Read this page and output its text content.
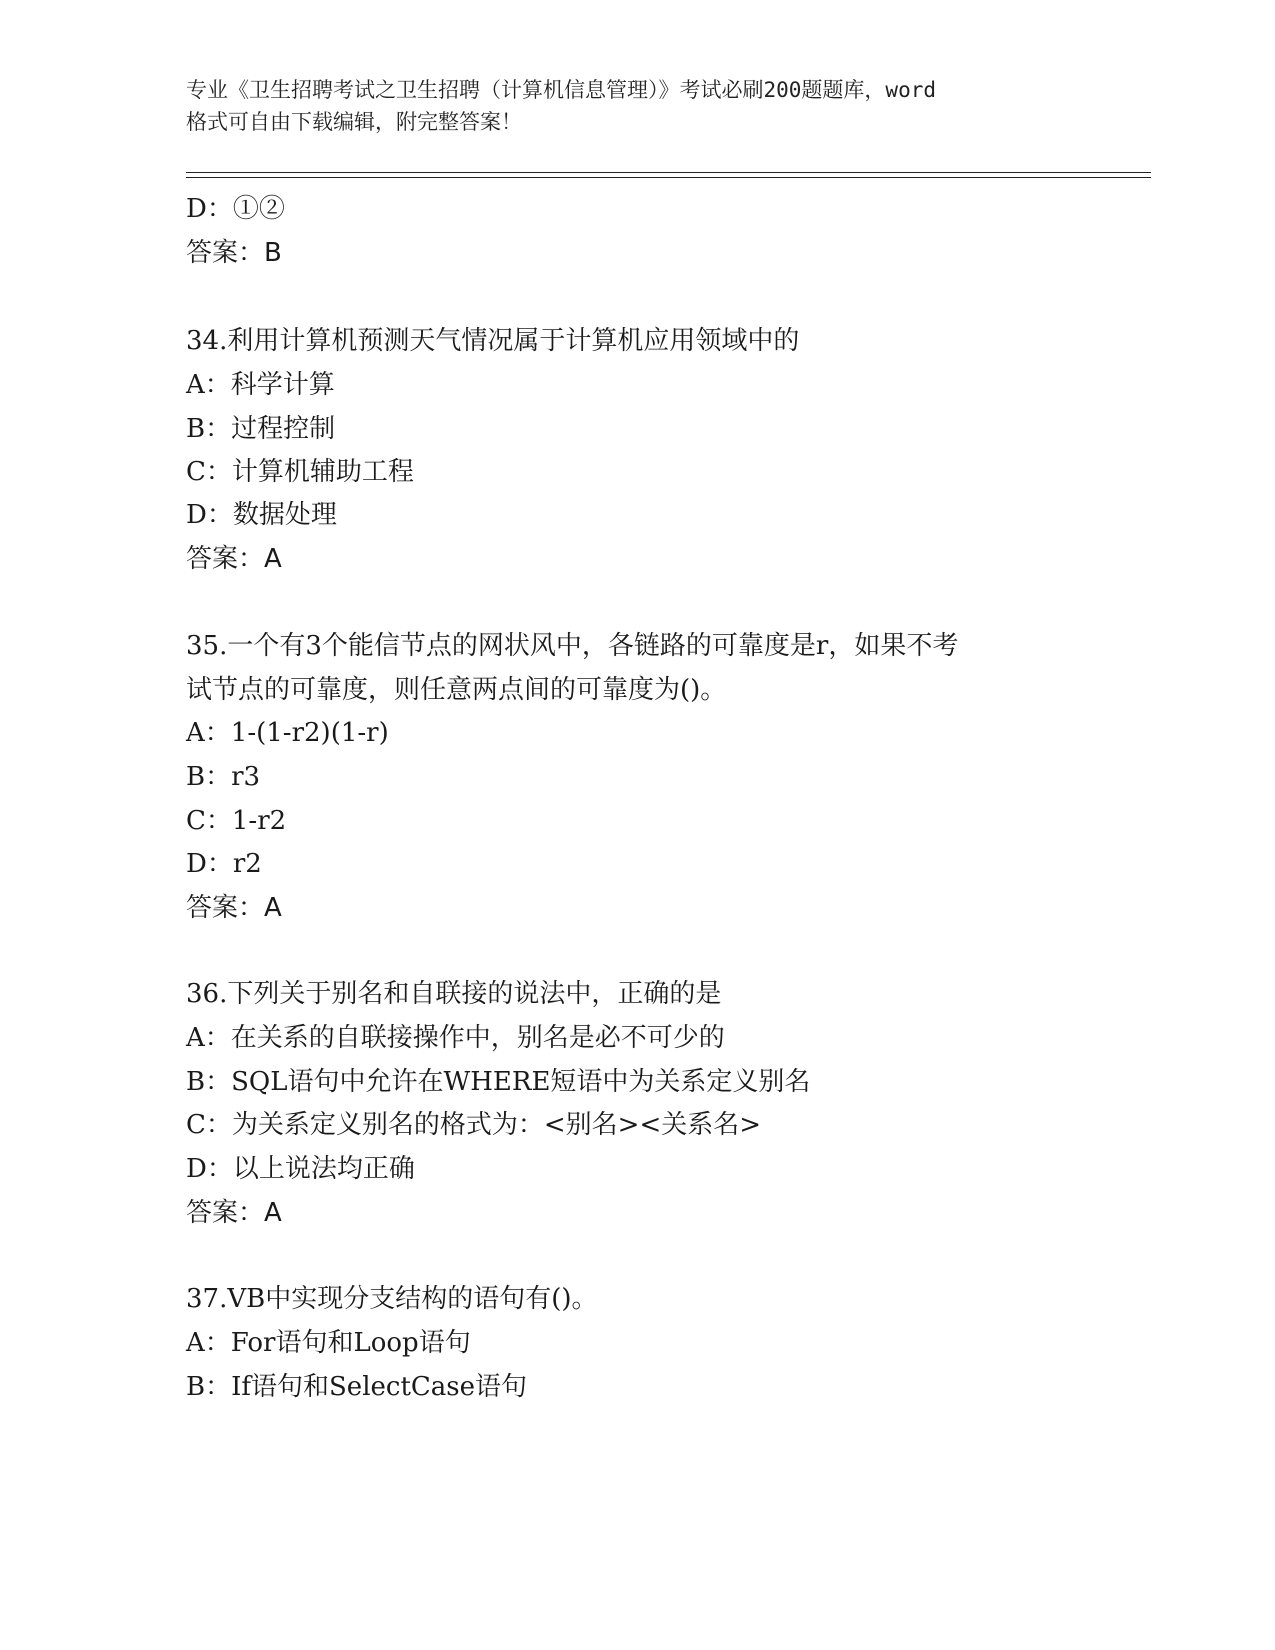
专业《卫生招聘考试之卫生招聘（计算机信息管理）》考试必刷200题题库，word
格式可自由下载编辑，附完整答案！
D：①②
答案：B
34.利用计算机预测天气情况属于计算机应用领域中的
A：科学计算
B：过程控制
C：计算机辅助工程
D：数据处理
答案：A
35.一个有3个能信节点的网状风中，各链路的可靠度是r，如果不考
试节点的可靠度，则任意两点间的可靠度为()。
A：1-(1-r2)(1-r)
B：r3
C：1-r2
D：r2
答案：A
36.下列关于别名和自联接的说法中，正确的是
A：在关系的自联接操作中，别名是必不可少的
B：SQL语句中允许在WHERE短语中为关系定义别名
C：为关系定义别名的格式为：<别名><关系名>
D：以上说法均正确
答案：A
37.VB中实现分支结构的语句有()。
A：For语句和Loop语句
B：If语句和SelectCase语句
